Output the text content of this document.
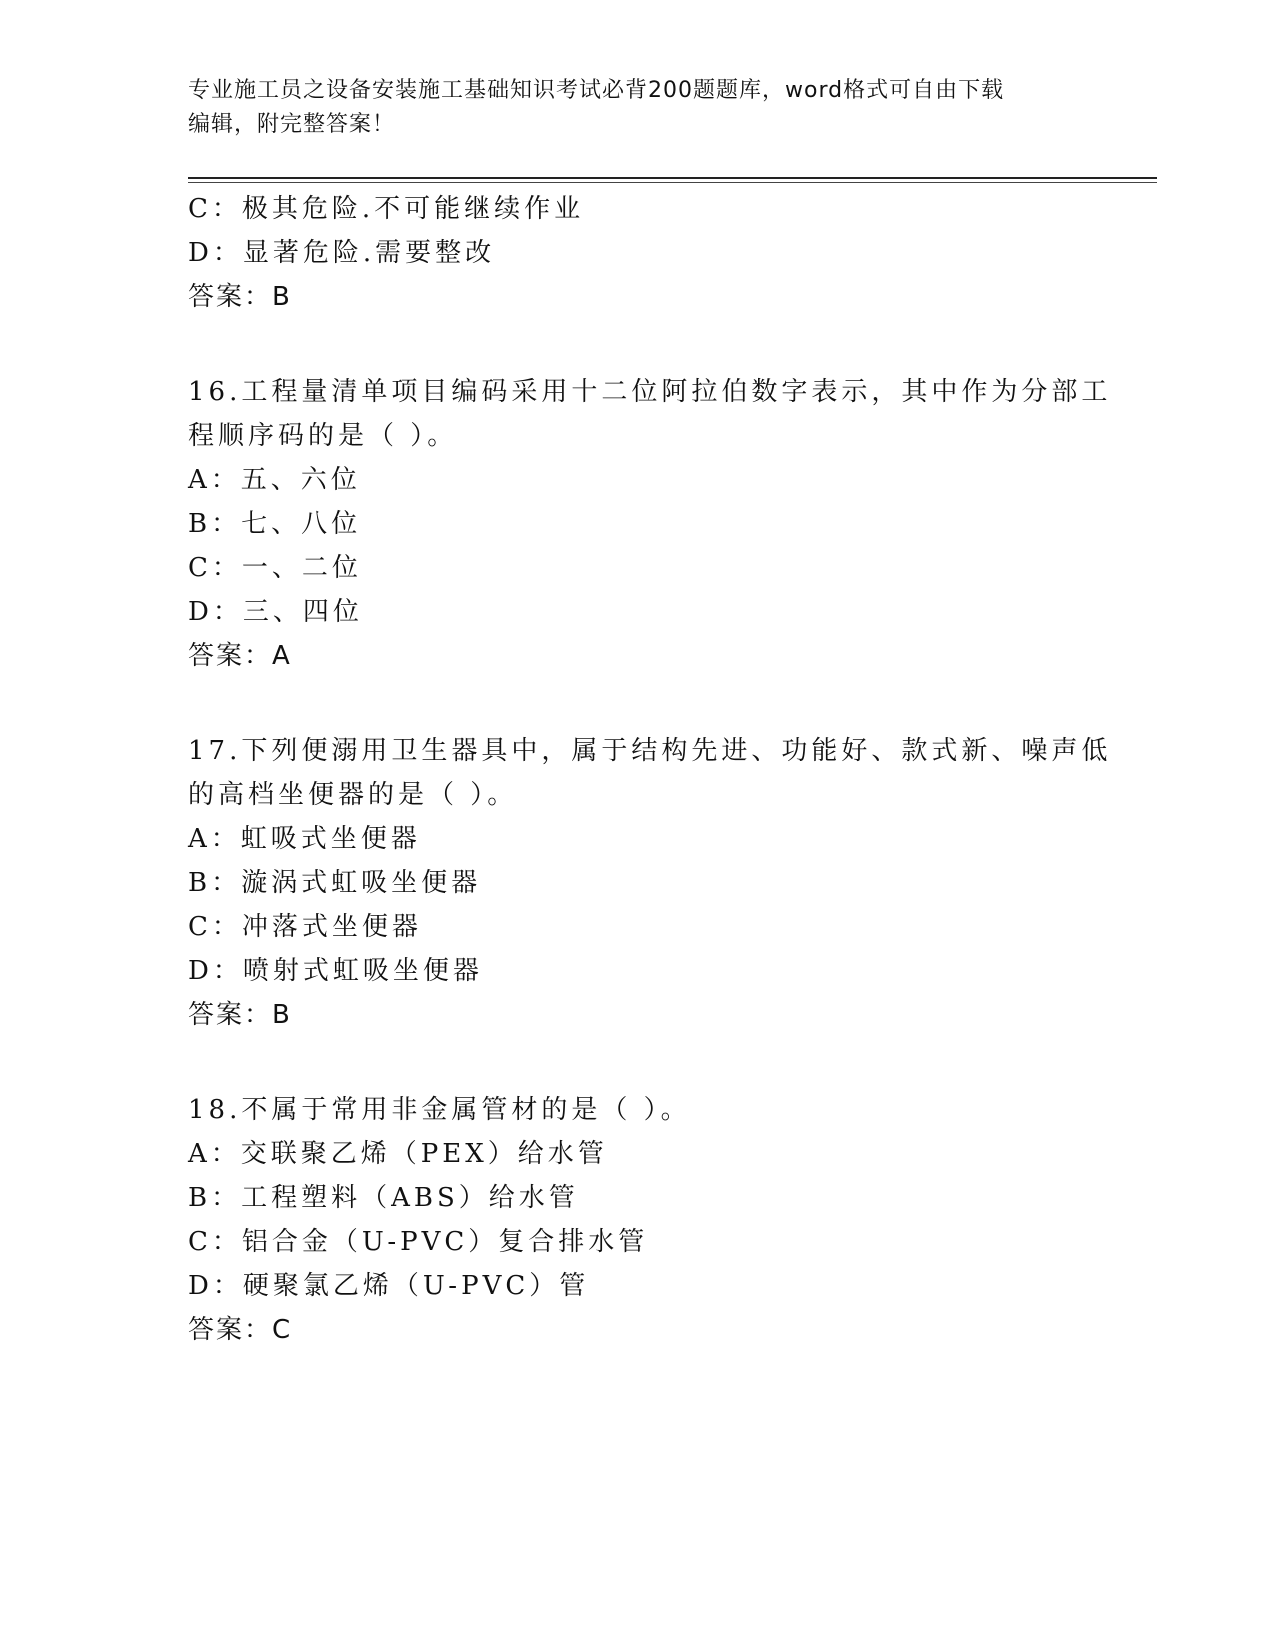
专业施工员之设备安装施工基础知识考试必背200题题库，word格式可自由下载
编辑，附完整答案！
C：极其危险.不可能继续作业
D：显著危险.需要整改
答案：B
16.工程量清单项目编码采用十二位阿拉伯数字表示，其中作为分部工
程顺序码的是（ ）。
A：五、六位
B：七、八位
C：一、二位
D：三、四位
答案：A
17.下列便溺用卫生器具中，属于结构先进、功能好、款式新、噪声低
的高档坐便器的是（ ）。
A：虹吸式坐便器
B：漩涡式虹吸坐便器
C：冲落式坐便器
D：喷射式虹吸坐便器
答案：B
18.不属于常用非金属管材的是（ ）。
A：交联聚乙烯（PEX）给水管
B：工程塑料（ABS）给水管
C：铝合金（U-PVC）复合排水管
D：硬聚氯乙烯（U-PVC）管
答案：C
